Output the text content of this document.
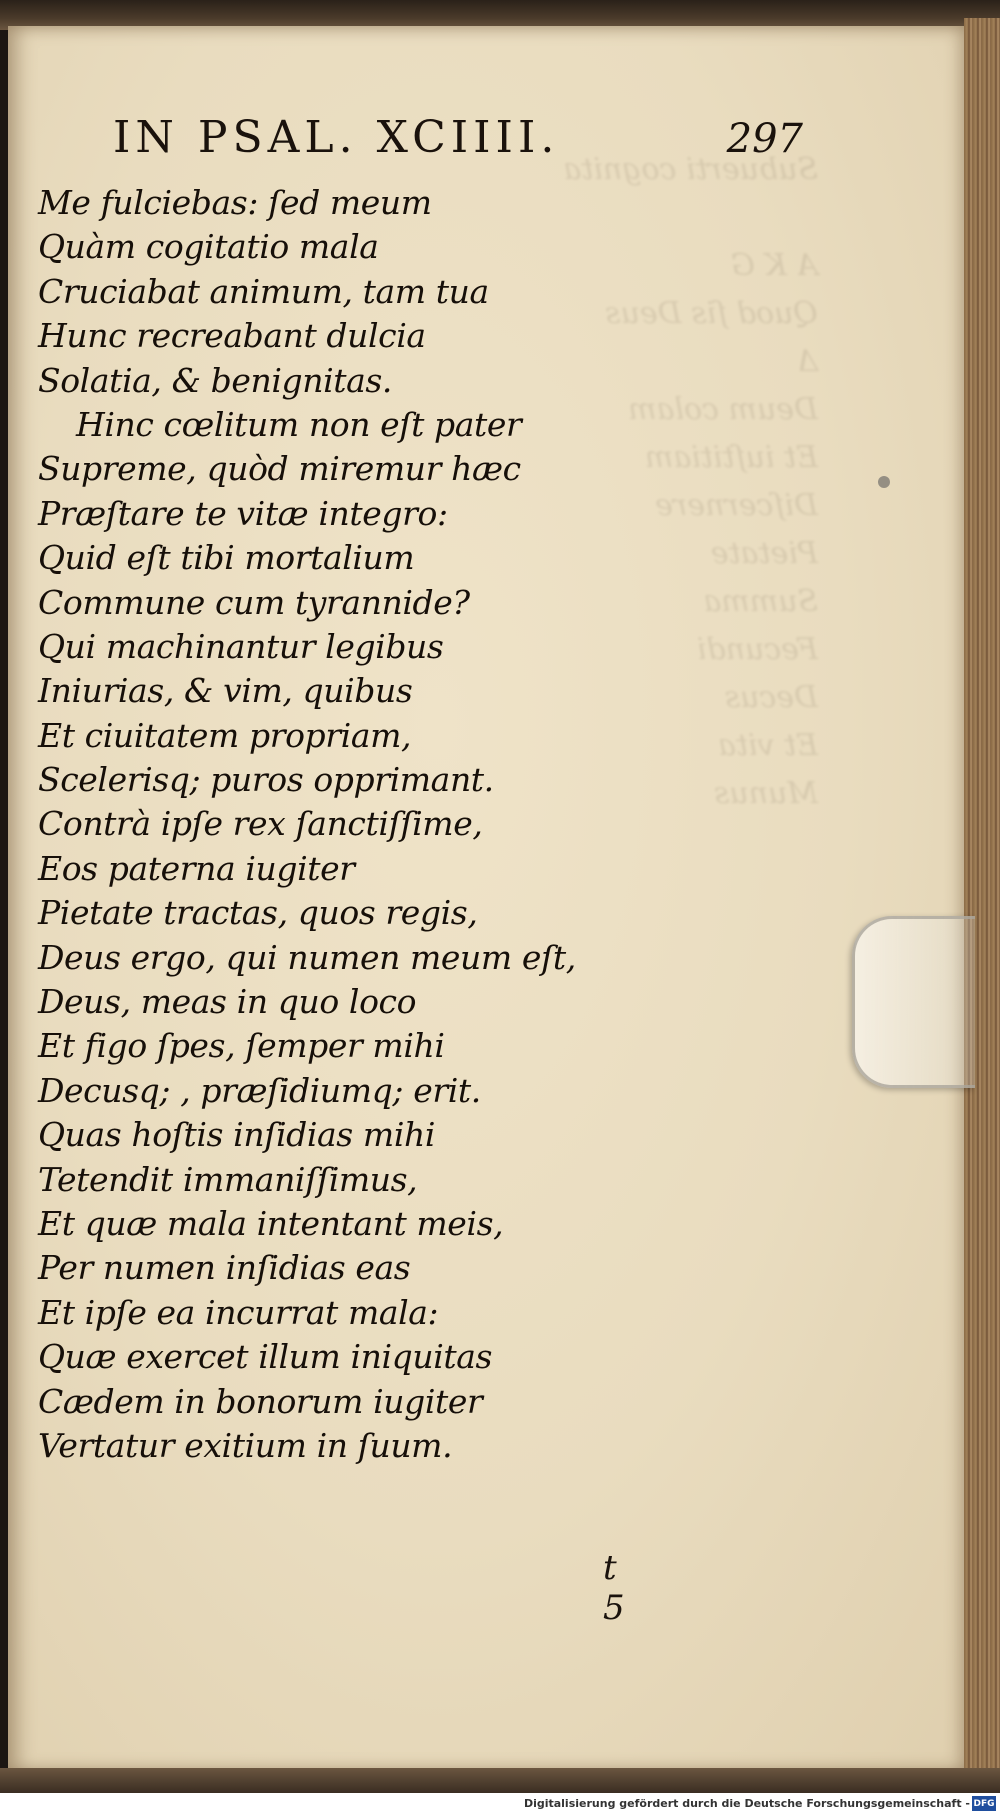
Subuerti cognita

A K G
Quod ſis Deus
Δ
Deum colam
Et iuſtitiam
Diſcernere
Pietate
Summa
Fecundi
Decus
Et vita
Munus

IN PSAL. XCIIII.	297
Me fulciebas: ſed meum
Quàm cogitatio mala
Cruciabat animum, tam tua
Hunc recreabant dulcia
Solatia, & benignitas.
Hinc cœlitum non eſt pater
Supreme, quòd miremur hæc
Præſtare te vitæ integro:
Quid eſt tibi mortalium
Commune cum tyrannide?
Qui machinantur legibus
Iniurias, & vim, quibus
Et ciuitatem propriam,
Scelerisq; puros opprimant.
Contrà ipſe rex ſanctiſſime,
Eos paterna iugiter
Pietate tractas, quos regis,
Deus ergo, qui numen meum eſt,
Deus, meas in quo loco
Et figo ſpes, ſemper mihi
Decusq; , præſidiumq; erit.
Quas hoſtis inſidias mihi
Tetendit immaniſſimus,
Et quæ mala intentant meis,
Per numen inſidias eas
Et ipſe ea incurrat mala:
Quæ exercet illum iniquitas
Cædem in bonorum iugiter
Vertatur exitium in ſuum.
t 5
Digitalisierung gefördert durch die Deutsche Forschungsgemeinschaft - DFG
